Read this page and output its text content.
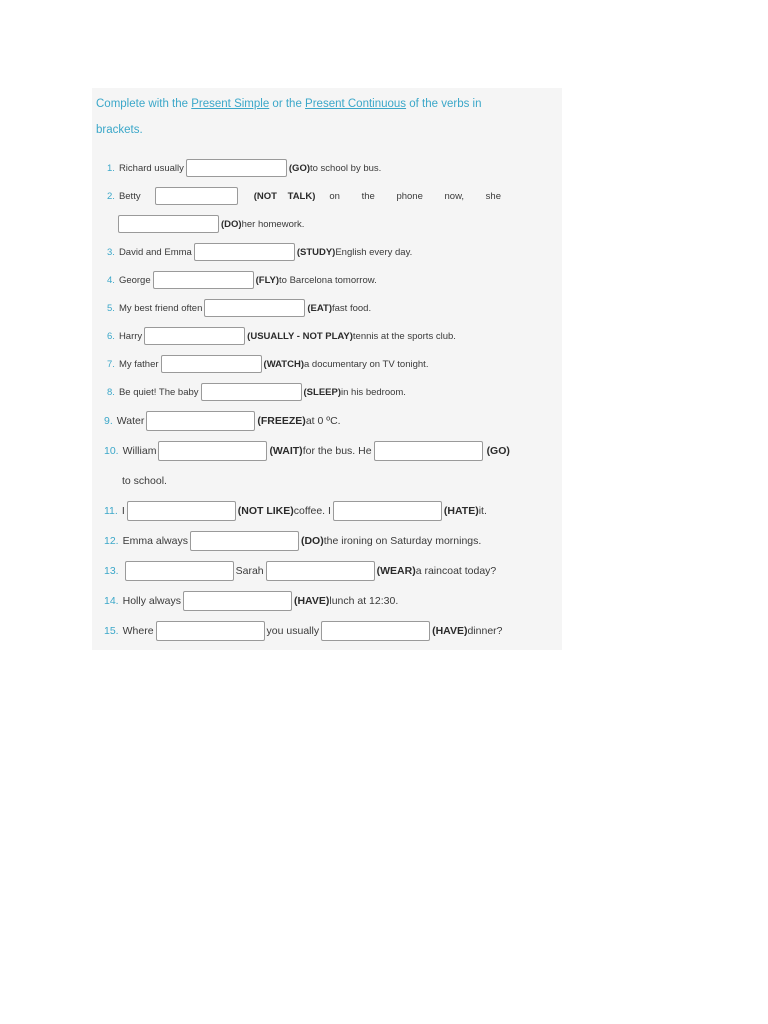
Complete with the Present Simple or the Present Continuous of the verbs in
brackets.
1. Richard usually	(GO) to school by bus.
2. Betty	(NOT TALK) on the phone now, she
(DO) her homework.
3. David and Emma	(STUDY) English every day.
4. George	(FLY) to Barcelona tomorrow.
5. My best friend often	(EAT) fast food.
6. Harry	(USUALLY - NOT PLAY) tennis at the sports club.
7. My father	(WATCH) a documentary on TV tonight.
8. Be quiet! The baby	(SLEEP) in his bedroom.
9. Water	(FREEZE) at 0 ºC.
10. William	(WAIT) for the bus. He	(GO)
to school.
11. I	(NOT LIKE) coffee. I	(HATE) it.
12. Emma always	(DO) the ironing on Saturday mornings.
13.	Sarah	(WEAR) a raincoat today?
14. Holly always	(HAVE) lunch at 12:30.
15. Where	you usually	(HAVE) dinner?
